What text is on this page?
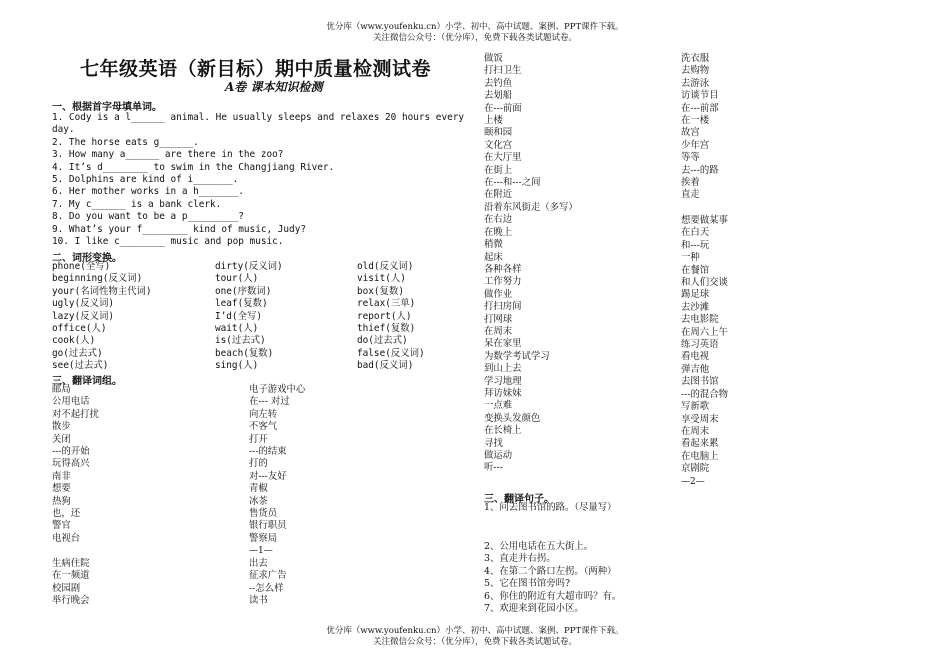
优分库（www.youfenku.cn）小学、初中、高中试题、案例、PPT课件下载。
关注微信公众号：（优分库），免费下载各类试题试卷。
七年级英语（新目标）期中质量检测试卷
A卷 课本知识检测
一、根据首字母填单词。
1. Cody is a l______ animal. He usually sleeps and relaxes 20 hours every
day.
2. The horse eats g______.
3. How many a______ are there in the zoo?
4. It’s d________ to swim in the Changjiang River.
5. Dolphins are kind of i_______.
6. Her mother works in a h_______.
7. My c______ is a bank clerk.
8. Do you want to be a p_________?
9. What’s your f________ kind of music, Judy?
10. I like c________ music and pop music.
二、词形变换。
phone(全写)
beginning(反义词)
your(名词性物主代词)
ugly(反义词)
lazy(反义词)
office(人)
cook(人)
go(过去式)
see(过去式)
dirty(反义词)
tour(人)
one(序数词)
leaf(复数)
I’d(全写)
wait(人)
is(过去式)
beach(复数)
sing(人)
old(反义词)
visit(人)
box(复数)
relax(三单)
report(人)
thief(复数)
do(过去式)
false(反义词)
bad(反义词)
三、翻译词组。
邮局
公用电话
对不起打扰
散步
关闭
---的开始
玩得高兴
南非
想要
热狗
也，还
警官
电视台
生病住院
在一频道
校园剧
举行晚会
电子游戏中心
在--- 对过
向左转
不客气
打开
---的结束
打的
对---友好
青椒
冰茶
售货员
银行职员
警察局
—1—
出去
征求广告
--怎么样
读书
做饭
打扫卫生
去钓鱼
去划船
在---前面
上楼
颐和园
文化宫
在大厅里
在街上
在---和---之间
在附近
沿着东风街走（多写）
在右边
在晚上
稍微
起床
各种各样
工作努力
做作业
打扫房间
打网球
在周末
呆在家里
为数学考试学习
到山上去
学习地理
拜访妹妹
一点难
变换头发颜色
在长椅上
寻找
做运动
听---
洗衣服
去购物
去游泳
访谈节目
在---前部
在一楼
故宫
少年宫
等等
去---的路
挨着
直走
想要做某事
在白天
和---玩
一种
在餐馆
和人们交谈
踢足球
去沙滩
去电影院
在周六上午
练习英语
看电视
弹吉他
去图书馆
---的混合物
写新歌
享受周末
在周末
看起来累
在电脑上
京剧院
—2—
三、翻译句子。
1、问去图书馆的路。（尽量写）
2、公用电话在五大街上。
3、直走并右拐。
4、在第二个路口左拐。（两种）
5、它在图书馆旁吗?
6、你住的附近有大超市吗？有。
7、欢迎来到花园小区。
优分库（www.youfenku.cn）小学、初中、高中试题、案例、PPT课件下载。
关注微信公众号：（优分库），免费下载各类试题试卷。
